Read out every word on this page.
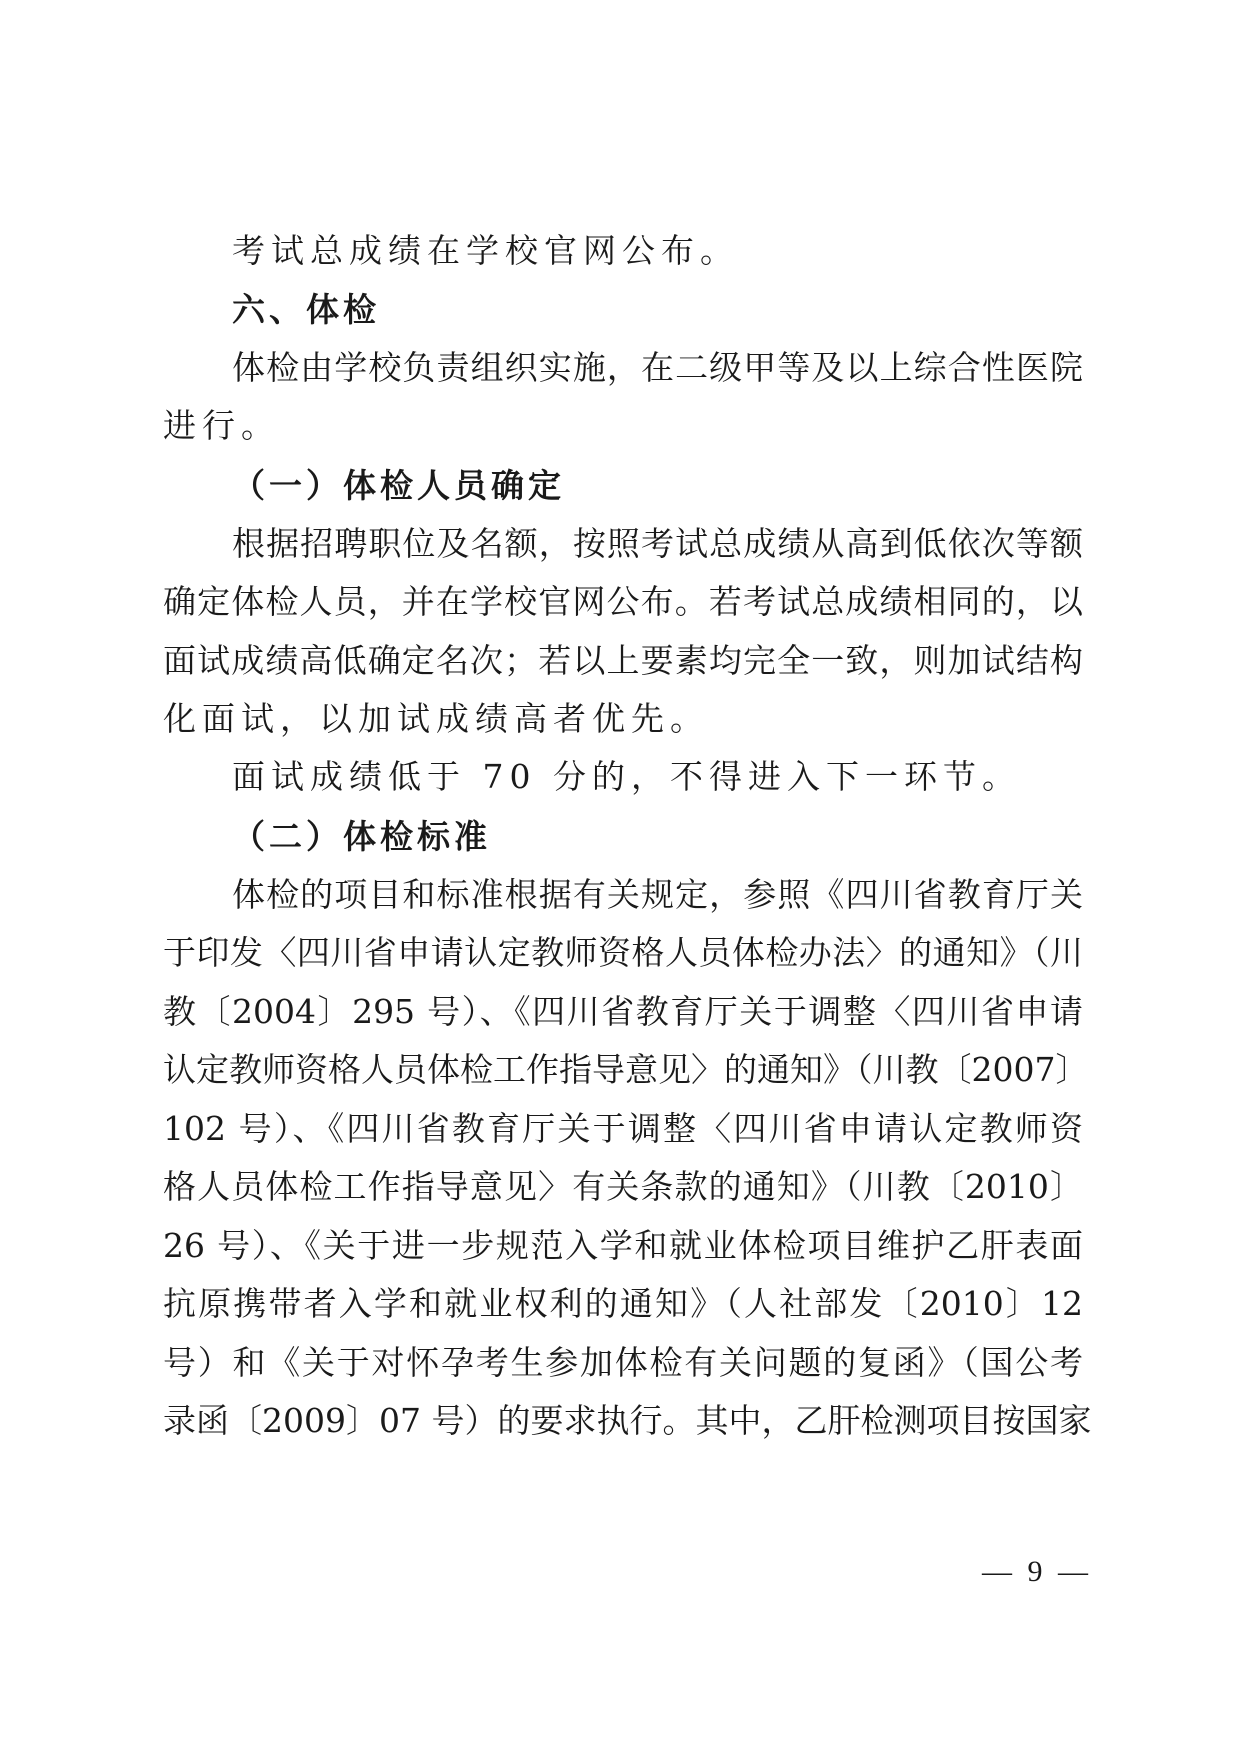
考试总成绩在学校官网公布。
六、体检
体检由学校负责组织实施，在二级甲等及以上综合性医院
进行。
（一）体检人员确定
根据招聘职位及名额，按照考试总成绩从高到低依次等额
确定体检人员，并在学校官网公布。若考试总成绩相同的，以
面试成绩高低确定名次；若以上要素均完全一致，则加试结构
化面试，以加试成绩高者优先。
面试成绩低于 70 分的，不得进入下一环节。
（二）体检标准
体检的项目和标准根据有关规定，参照《四川省教育厅关
于印发〈四川省申请认定教师资格人员体检办法〉的通知》（川
教〔2004〕295 号）、《四川省教育厅关于调整〈四川省申请
认定教师资格人员体检工作指导意见〉的通知》（川教〔2007〕
102 号）、《四川省教育厅关于调整〈四川省申请认定教师资
格人员体检工作指导意见〉有关条款的通知》（川教〔2010〕
26 号）、《关于进一步规范入学和就业体检项目维护乙肝表面
抗原携带者入学和就业权利的通知》（人社部发〔2010〕12
号）和《关于对怀孕考生参加体检有关问题的复函》（国公考
录函〔2009〕07 号）的要求执行。其中，乙肝检测项目按国家
— 9 —
